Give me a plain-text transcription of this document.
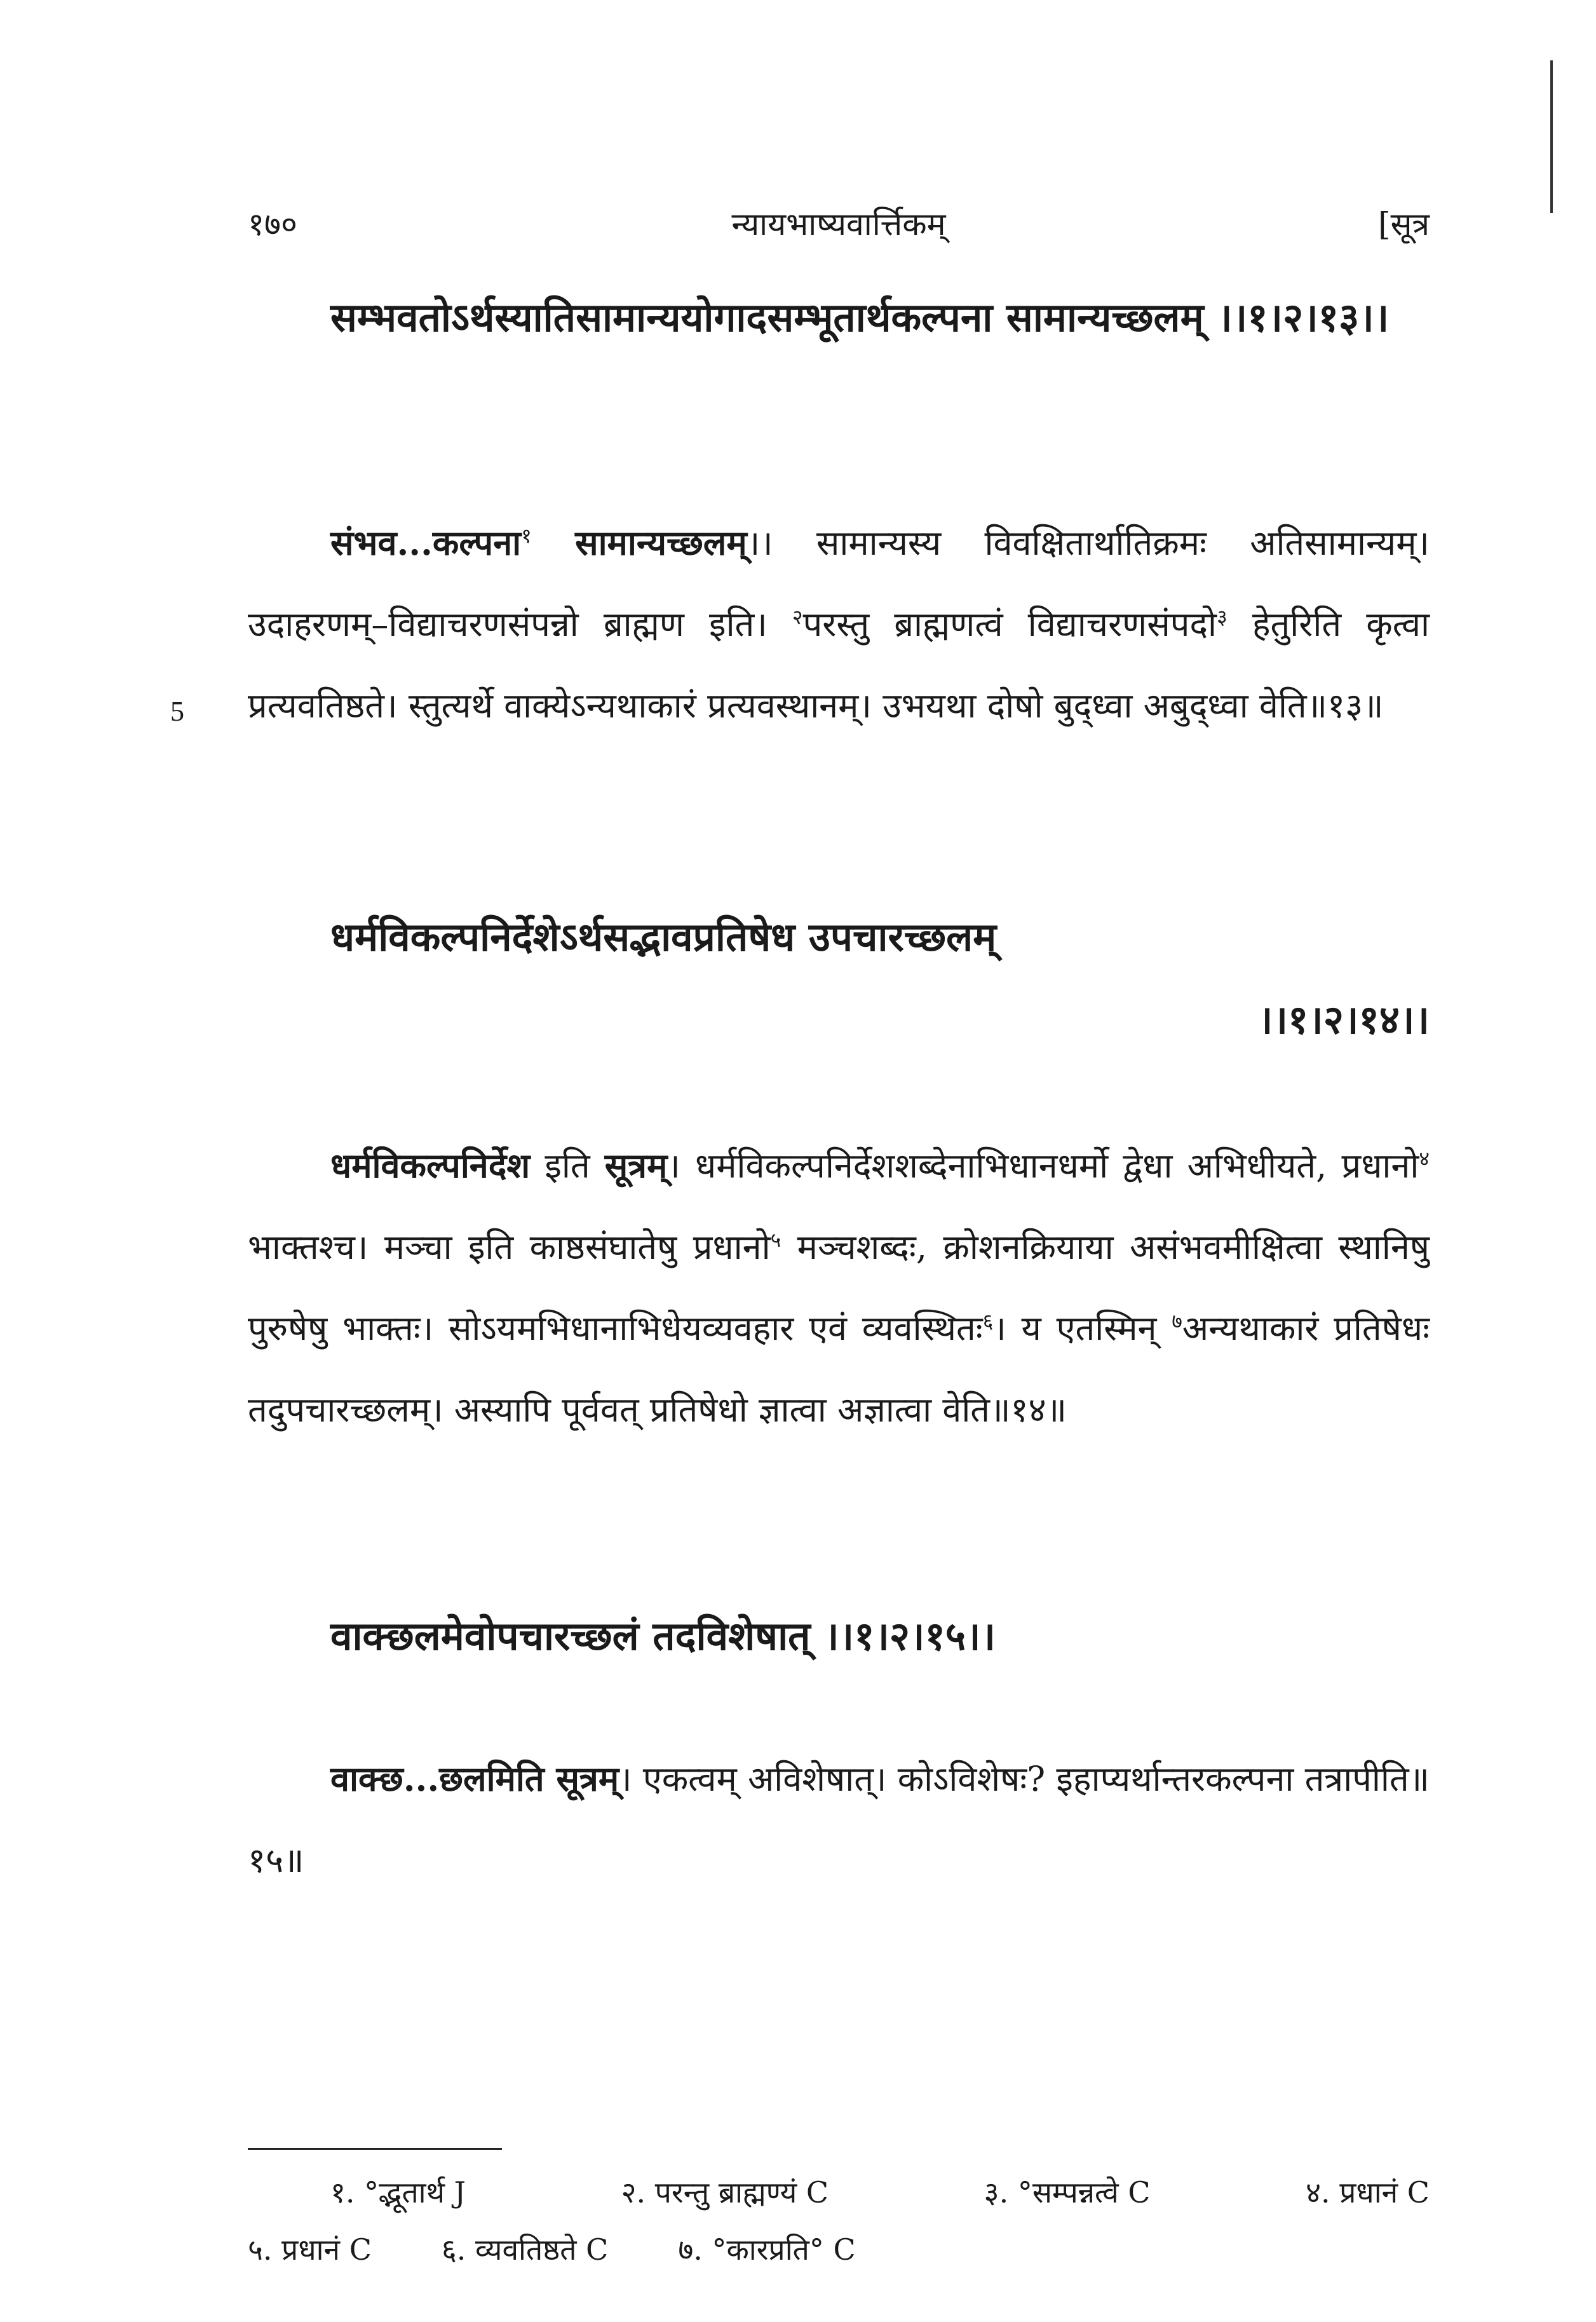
१७०	न्यायभाष्यवार्त्तिकम्	[सूत्र
सम्भवतोऽर्थस्यातिसामान्ययोगादसम्भूतार्थकल्पना सामान्यच्छलम् ।।१।२।१३।।
संभव...कल्पना$^१$ सामान्यच्छलम्।। सामान्यस्य विवक्षितार्थातिक्रमः अतिसामान्यम्। उदाहरणम्–विद्याचरणसंपन्नो ब्राह्मण इति। $^२$परस्तु ब्राह्मणत्वं विद्याचरणसंपदो$^३$ हेतुरिति कृत्वा प्रत्यवतिष्ठते। स्तुत्यर्थे वाक्येऽन्यथाकारं प्रत्यवस्थानम्। उभयथा दोषो बुद्ध्वा अबुद्ध्वा वेति॥१३॥
5
धर्मविकल्पनिर्देशेऽर्थसद्भावप्रतिषेध उपचारच्छलम्
।।१।२।१४।।
धर्मविकल्पनिर्देश इति सूत्रम्। धर्मविकल्पनिर्देशशब्देनाभिधानधर्मो द्वेधा अभिधीयते, प्रधानो$^४$ भाक्तश्च। मञ्चा इति काष्ठसंघातेषु प्रधानो$^५$ मञ्चशब्दः, क्रोशनक्रियाया असंभवमीक्षित्वा स्थानिषु पुरुषेषु भाक्तः। सोऽयमभिधानाभिधेयव्यवहार एवं व्यवस्थितः$^६$। य एतस्मिन् $^७$अन्यथाकारं प्रतिषेधः तदुपचारच्छलम्। अस्यापि पूर्ववत् प्रतिषेधो ज्ञात्वा अज्ञात्वा वेति॥१४॥
वाक्छलमेवोपचारच्छलं तदविशेषात् ।।१।२।१५।।
वाक्छ...छलमिति सूत्रम्। एकत्वम् अविशेषात्। कोऽविशेषः? इहाप्यर्थान्तरकल्पना तत्रापीति॥१५॥
१. °द्भूतार्थ J	२. परन्तु ब्राह्मण्यं C	३. °सम्पन्नत्वे C	४. प्रधानं C
५. प्रधानं C ६. व्यवतिष्ठते C ७. °कारप्रति° C
